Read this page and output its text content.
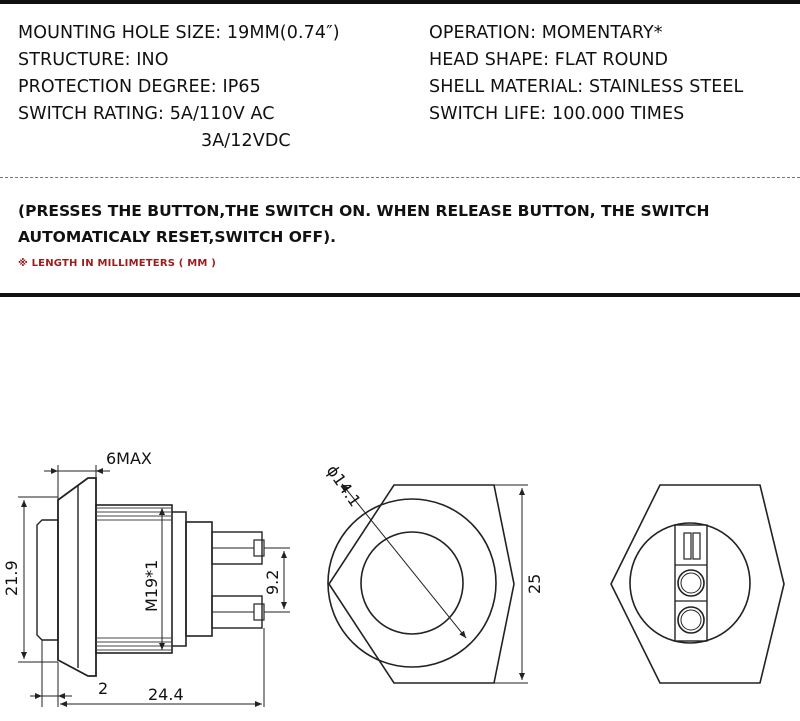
MOUNTING HOLE SIZE: 19MM(0.74″)
STRUCTURE: INO
PROTECTION DEGREE: IP65
SWITCH RATING: 5A/110V AC
3A/12VDC
OPERATION: MOMENTARY*
HEAD SHAPE: FLAT ROUND
SHELL MATERIAL: STAINLESS STEEL
SWITCH LIFE: 100.000 TIMES
(PRESSES THE BUTTON,THE SWITCH ON. WHEN RELEASE BUTTON, THE SWITCH
AUTOMATICALY RESET,SWITCH OFF).
※ LENGTH IN MILLIMETERS ( MM )
6MAX
21.9	M19*1	9.2
2 24.4
ϕ14.1
25
